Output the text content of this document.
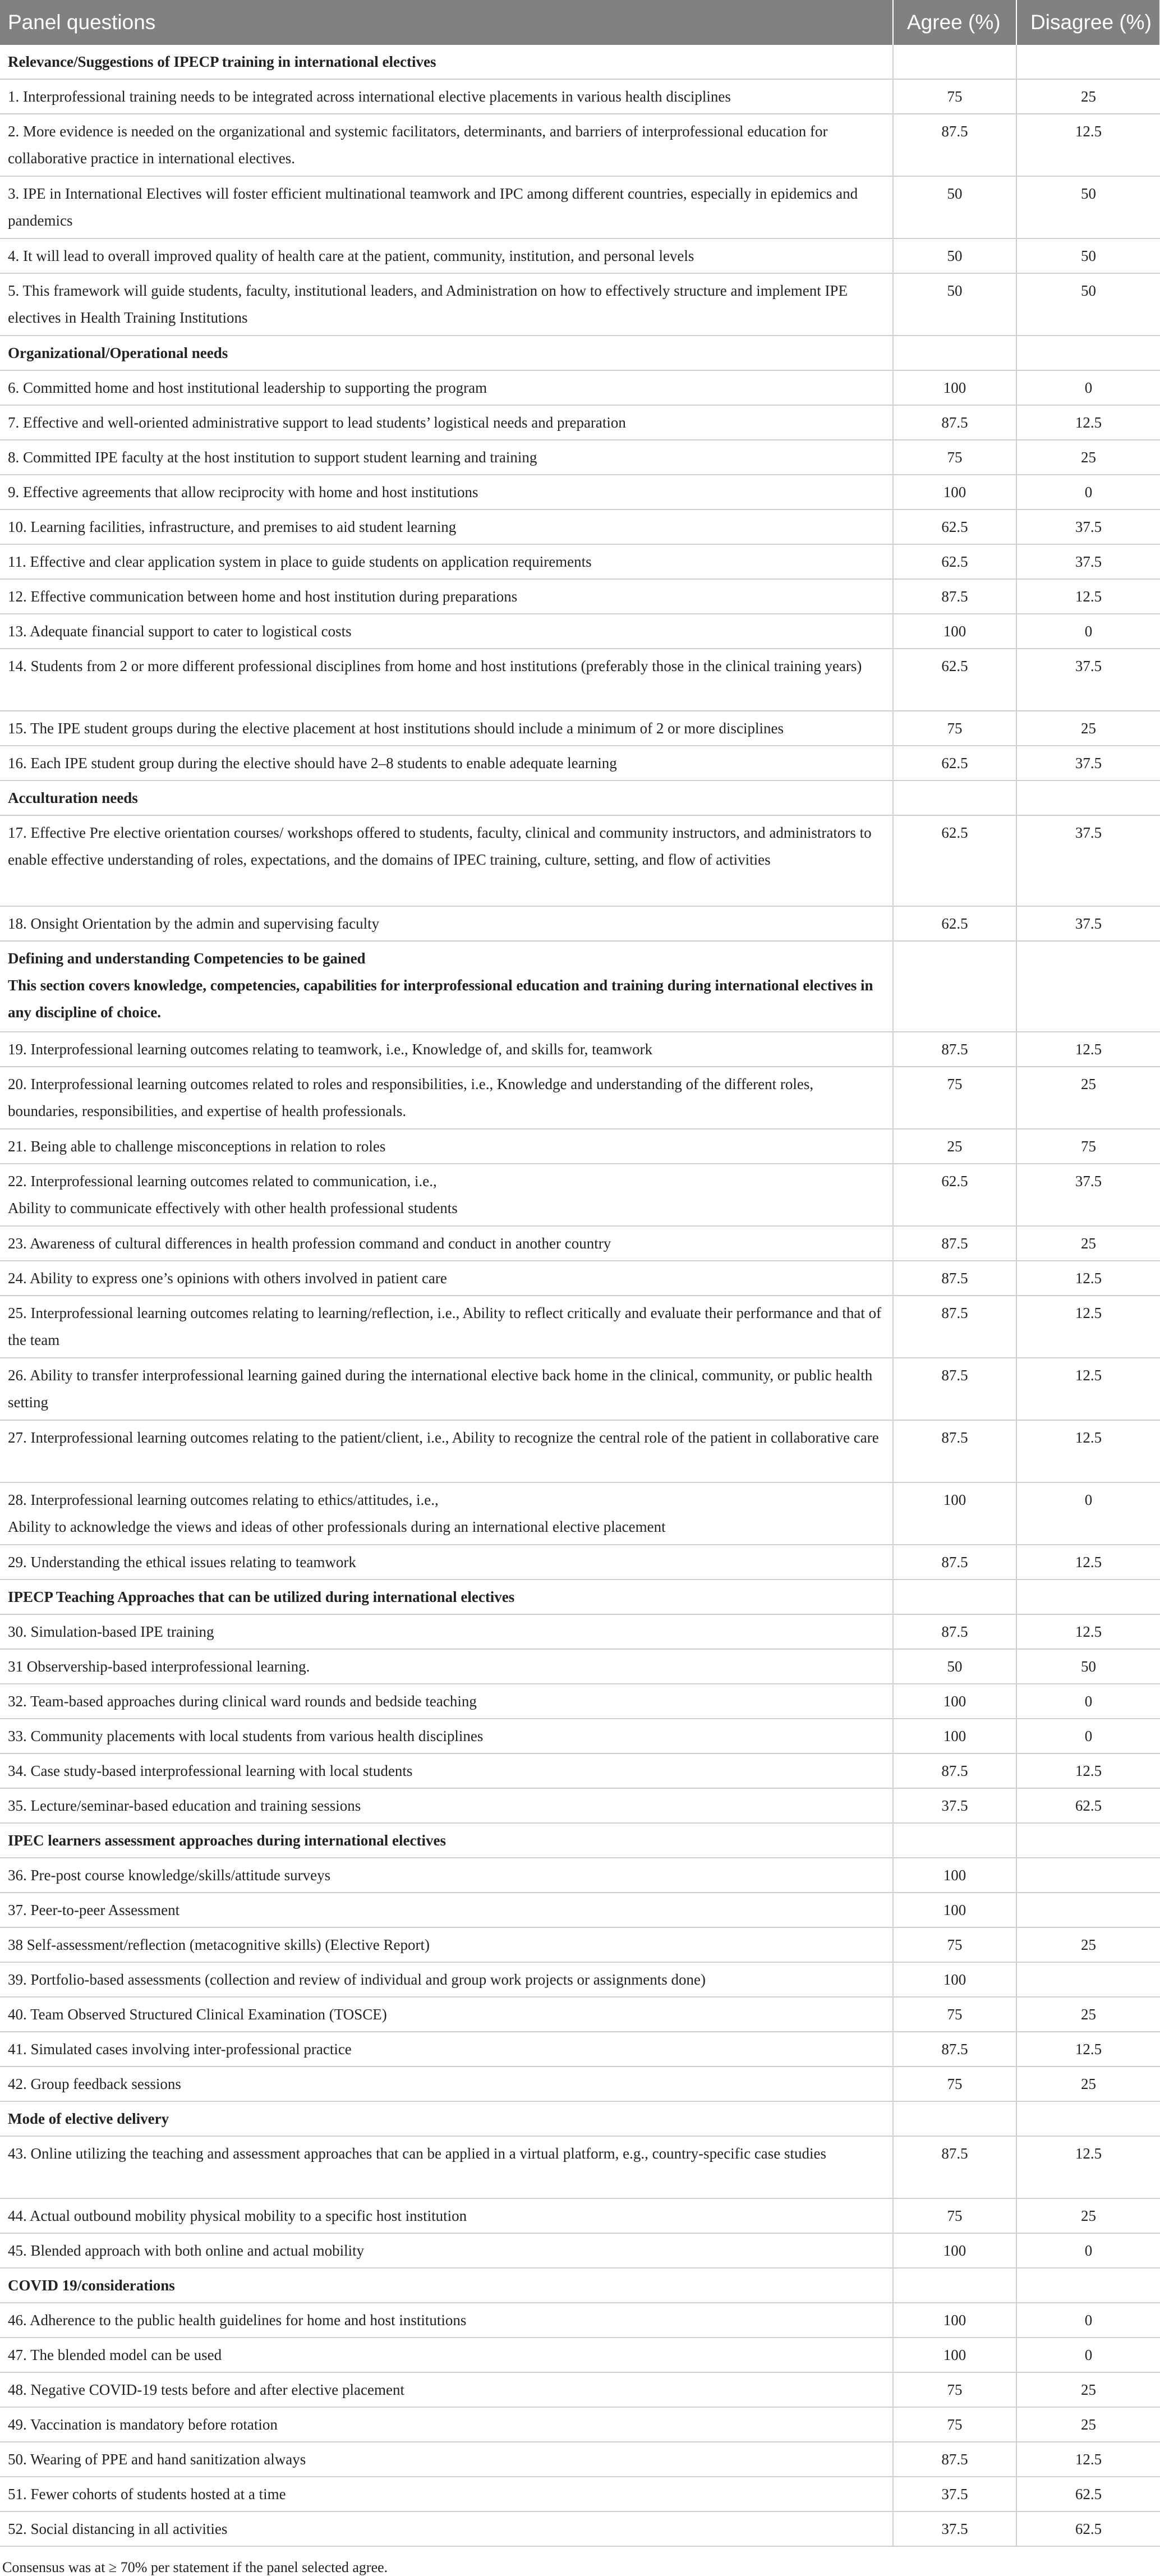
Panel questions	Agree (%)	Disagree (%)
Relevance/Suggestions of IPECP training in international electives		
1. Interprofessional training needs to be integrated across international elective placements in various health disciplines	75	25
2. More evidence is needed on the organizational and systemic facilitators, determinants, and barriers of interprofessional education for collaborative practice in international electives.	87.5	12.5
3. IPE in International Electives will foster efficient multinational teamwork and IPC among different countries, especially in epidemics and pandemics	50	50
4. It will lead to overall improved quality of health care at the patient, community, institution, and personal levels	50	50
5. This framework will guide students, faculty, institutional leaders, and Administration on how to effectively structure and implement IPE electives in Health Training Institutions	50	50
Organizational/Operational needs		
6. Committed home and host institutional leadership to supporting the program	100	0
7. Effective and well-oriented administrative support to lead students’ logistical needs and preparation	87.5	12.5
8. Committed IPE faculty at the host institution to support student learning and training	75	25
9. Effective agreements that allow reciprocity with home and host institutions	100	0
10. Learning facilities, infrastructure, and premises to aid student learning	62.5	37.5
11. Effective and clear application system in place to guide students on application requirements	62.5	37.5
12. Effective communication between home and host institution during preparations	87.5	12.5
13. Adequate financial support to cater to logistical costs	100	0
14. Students from 2 or more different professional disciplines from home and host institutions (preferably those in the clinical training years)	62.5	37.5
15. The IPE student groups during the elective placement at host institutions should include a minimum of 2 or more disciplines	75	25
16. Each IPE student group during the elective should have 2–8 students to enable adequate learning	62.5	37.5
Acculturation needs		
17. Effective Pre elective orientation courses/ workshops offered to students, faculty, clinical and community instructors, and administrators to enable effective understanding of roles, expectations, and the domains of IPEC training, culture, setting, and flow of activities	62.5	37.5
18. Onsight Orientation by the admin and supervising faculty	62.5	37.5
Defining and understanding Competencies to be gained
This section covers knowledge, competencies, capabilities for interprofessional education and training during international electives in any discipline of choice.		
19. Interprofessional learning outcomes relating to teamwork, i.e., Knowledge of, and skills for, teamwork	87.5	12.5
20. Interprofessional learning outcomes related to roles and responsibilities, i.e., Knowledge and understanding of the different roles, boundaries, responsibilities, and expertise of health professionals.	75	25
21. Being able to challenge misconceptions in relation to roles	25	75
22. Interprofessional learning outcomes related to communication, i.e.,
Ability to communicate effectively with other health professional students	62.5	37.5
23. Awareness of cultural differences in health profession command and conduct in another country	87.5	25
24. Ability to express one’s opinions with others involved in patient care	87.5	12.5
25. Interprofessional learning outcomes relating to learning/reflection, i.e., Ability to reflect critically and evaluate their performance and that of the team	87.5	12.5
26. Ability to transfer interprofessional learning gained during the international elective back home in the clinical, community, or public health setting	87.5	12.5
27. Interprofessional learning outcomes relating to the patient/client, i.e., Ability to recognize the central role of the patient in collaborative care	87.5	12.5
28. Interprofessional learning outcomes relating to ethics/attitudes, i.e.,
Ability to acknowledge the views and ideas of other professionals during an international elective placement	100	0
29. Understanding the ethical issues relating to teamwork	87.5	12.5
IPECP Teaching Approaches that can be utilized during international electives		
30. Simulation-based IPE training	87.5	12.5
31 Observership-based interprofessional learning.	50	50
32. Team-based approaches during clinical ward rounds and bedside teaching	100	0
33. Community placements with local students from various health disciplines	100	0
34. Case study-based interprofessional learning with local students	87.5	12.5
35. Lecture/seminar-based education and training sessions	37.5	62.5
IPEC learners assessment approaches during international electives		
36. Pre-post course knowledge/skills/attitude surveys	100	
37. Peer-to-peer Assessment	100	
38 Self-assessment/reflection (metacognitive skills) (Elective Report)	75	25
39. Portfolio-based assessments (collection and review of individual and group work projects or assignments done)	100	
40. Team Observed Structured Clinical Examination (TOSCE)	75	25
41. Simulated cases involving inter-professional practice	87.5	12.5
42. Group feedback sessions	75	25
Mode of elective delivery		
43. Online utilizing the teaching and assessment approaches that can be applied in a virtual platform, e.g., country-specific case studies	87.5	12.5
44. Actual outbound mobility physical mobility to a specific host institution	75	25
45. Blended approach with both online and actual mobility	100	0
COVID 19/considerations		
46. Adherence to the public health guidelines for home and host institutions	100	0
47. The blended model can be used	100	0
48. Negative COVID-19 tests before and after elective placement	75	25
49. Vaccination is mandatory before rotation	75	25
50. Wearing of PPE and hand sanitization always	87.5	12.5
51. Fewer cohorts of students hosted at a time	37.5	62.5
52. Social distancing in all activities	37.5	62.5
Consensus was at ≥ 70% per statement if the panel selected agree.
